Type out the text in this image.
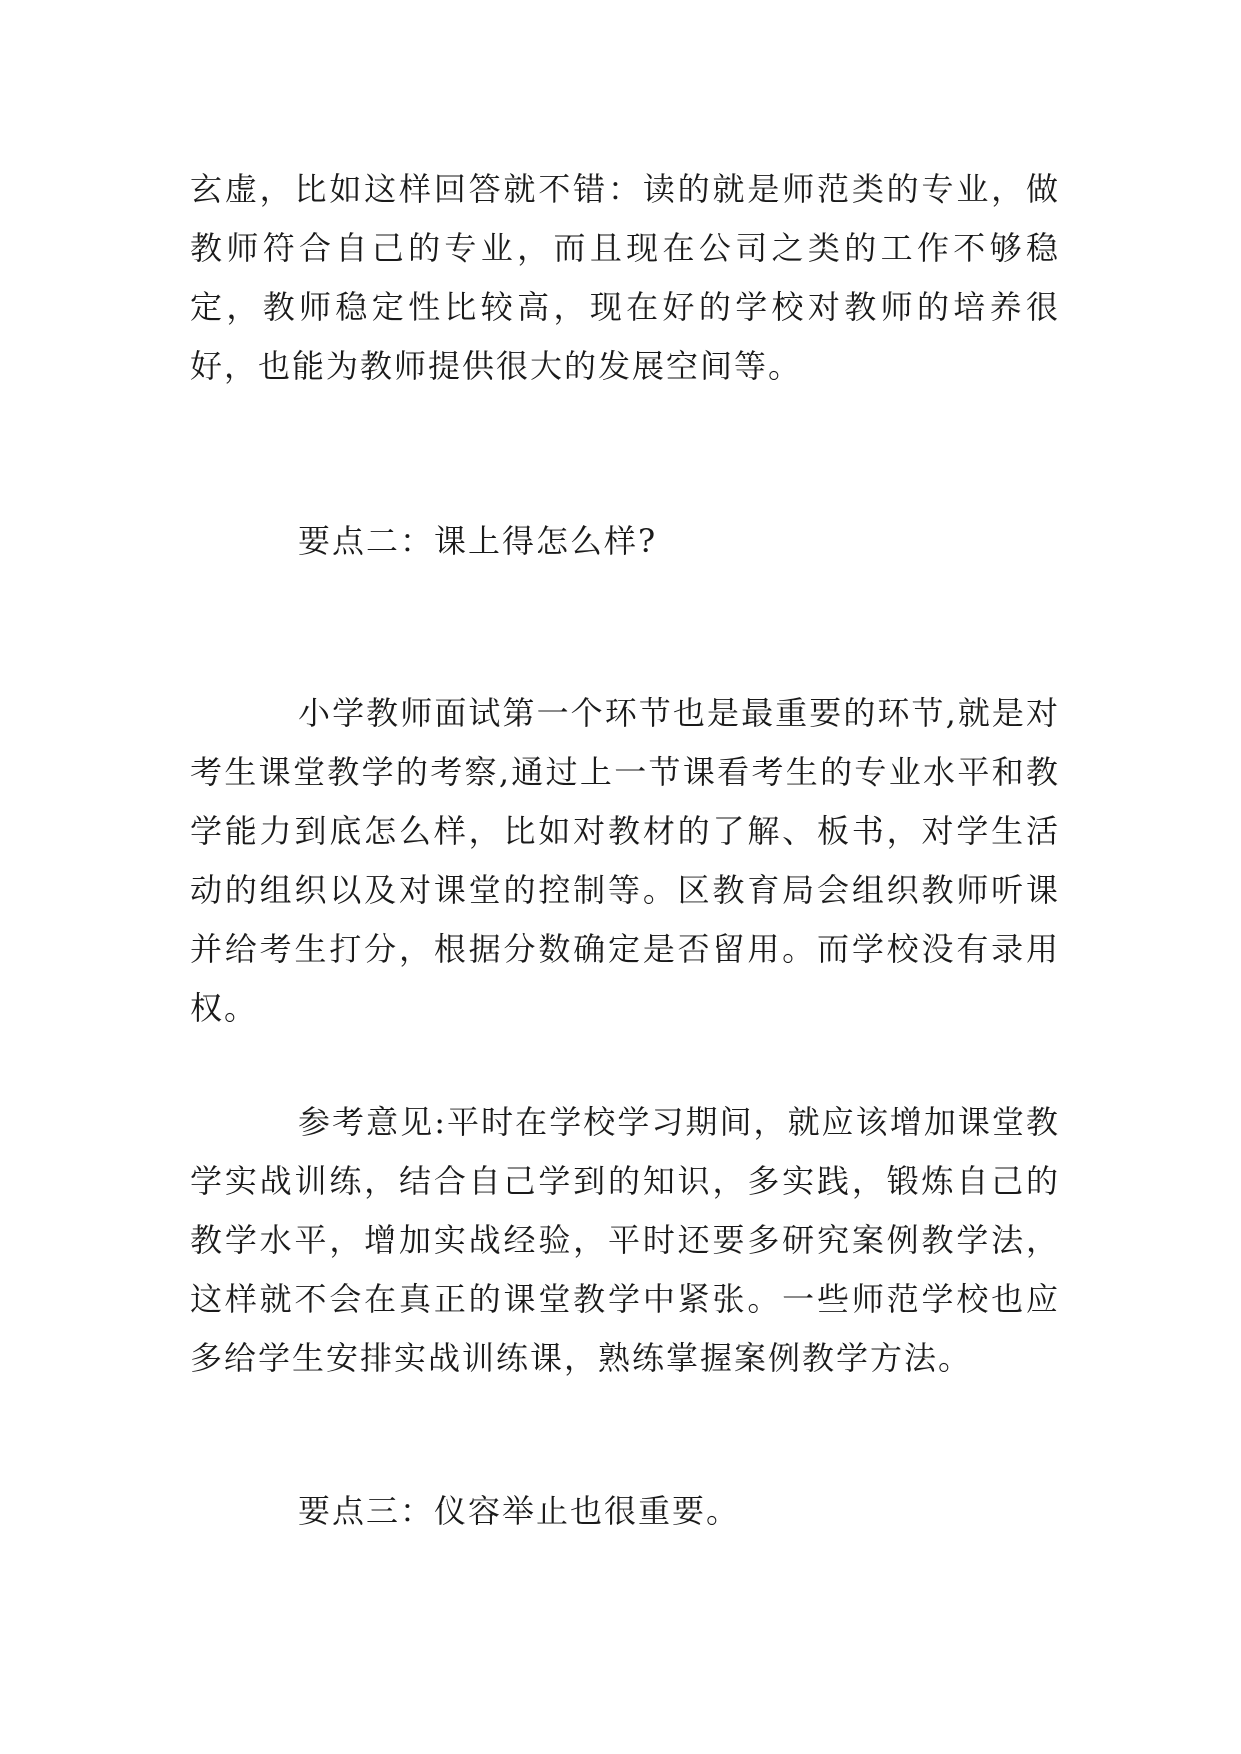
玄虚，比如这样回答就不错：读的就是师范类的专业，做教师符合自己的专业，而且现在公司之类的工作不够稳定，教师稳定性比较高，现在好的学校对教师的培养很好，也能为教师提供很大的发展空间等。

要点二：课上得怎么样?

小学教师面试第一个环节也是最重要的环节,就是对考生课堂教学的考察,通过上一节课看考生的专业水平和教学能力到底怎么样，比如对教材的了解、板书，对学生活动的组织以及对课堂的控制等。区教育局会组织教师听课并给考生打分，根据分数确定是否留用。而学校没有录用权。

参考意见:平时在学校学习期间，就应该增加课堂教学实战训练，结合自己学到的知识，多实践，锻炼自己的教学水平，增加实战经验，平时还要多研究案例教学法，这样就不会在真正的课堂教学中紧张。一些师范学校也应多给学生安排实战训练课，熟练掌握案例教学方法。

要点三：仪容举止也很重要。
